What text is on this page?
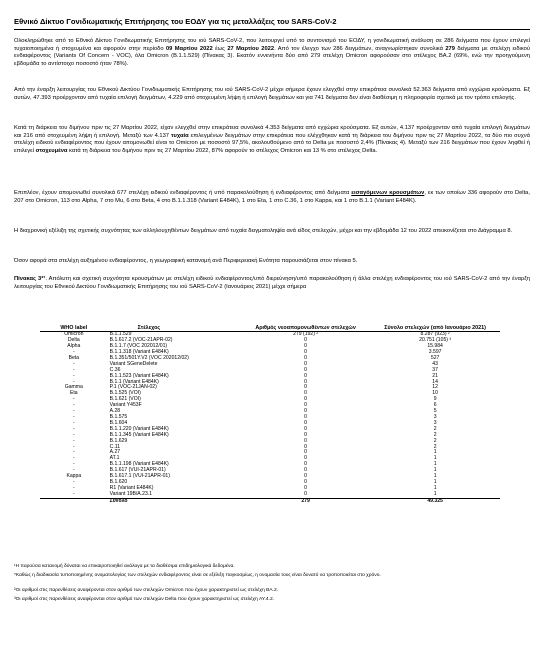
Εθνικό Δίκτυο Γονιδιωματικής Επιτήρησης του ΕΟΔΥ για τις μεταλλάξεις του SARS-CoV-2

Ολοκληρώθηκε από το Εθνικό Δίκτυο Γονιδιωματικής Επιτήρησης του ιού SARS-CoV-2, που λειτουργεί υπό το συντονισμό του ΕΟΔΥ, η γονιδιωματική ανάλυση σε 286 δείγματα που έχουν επιλεγεί τυχαιοποιημένα ή στοχευμένα και αφορούν στην περίοδο 09 Μαρτίου 2022 έως 27 Μαρτίου 2022. Από τον έλεγχο των 286 δειγμάτων, αναγνωρίστηκαν συνολικά 279 δείγματα με στελέχη ειδικού ενδιαφέροντος (Variants Of Concern - VOC), όλα Omicron (B.1.1.529) (Πίνακας 3). Εκατόν εννενήντα δύο από 279 στελέχη Omicron αφορούσαν στο στέλεχος BA.2 (69%, ενώ την προηγούμενη εβδομάδα το αντίστοιχο ποσοστό ήταν 78%).

Από την έναρξη λειτουργίας του Εθνικού Δικτύου Γονιδιωματικής Επιτήρησης του ιού SARS-CoV-2 μέχρι σήμερα έχουν ελεγχθεί στην επικράτεια συνολικά 52.363 δείγματα από εγχώρια κρούσματα. Εξ αυτών, 47.393 προέρχονταν από τυχαία επιλογή δειγμάτων, 4.229 από στοχευμένη λήψη ή επιλογή δειγμάτων και για 741 δείγματα δεν είναι διαθέσιμη η πληροφορία σχετικά με τον τρόπο επιλογής.

Κατά τη διάρκεια του διμήνου πριν τις 27 Μαρτίου 2022, είχαν ελεγχθεί στην επικράτεια συνολικά 4.353 δείγματα από εγχώρια κρούσματα. Εξ αυτών, 4.137 προέρχονταν από τυχαία επιλογή δειγμάτων και 216 από στοχευμένη λήψη ή επιλογή. Μεταξύ των 4.137 τυχαία επιλεγμένων δειγμάτων στην επικράτεια που ελέγχθηκαν κατά τη διάρκεια του διμήνου πριν τις 27 Μαρτίου 2022, τα δύο πιο συχνά στελέχη ειδικού ενδιαφέροντος που έχουν απομονωθεί είναι το Omicron με ποσοστό 97,5%, ακολουθούμενο από το Delta με ποσοστό 2,4% (Πίνακας 4). Μεταξύ των 216 δειγμάτων που έχουν ληφθεί ή επιλεγεί στοχευμένα κατά τη διάρκεια του διμήνου πριν τις 27 Μαρτίου 2022, 87% αφορούν το στέλεχος Omicron και 13 % στο στέλεχος Delta.

Επιπλέον, έχουν απομονωθεί συνολικά 677 στελέχη ειδικού ενδιαφέροντος ή υπό παρακολούθηση ή ενδιαφέροντος από δείγματα εισαγόμενων κρουσμάτων, εκ των οποίων 336 αφορούν στο Delta, 207 στο Omicron, 113 στο Alpha, 7 στο Mu, 6 στο Beta, 4 στο B.1.1.318 (Variant E484K), 1 στο Eta, 1 στο C.36, 1 στο Kappa, και 1 στο B.1.1 (Variant E484K).

Η διαχρονική εξέλιξη της σχετικής συχνότητας των αλληλουχηθέντων δειγμάτων από τυχαία δειγματοληψία ανά είδος στελεχών, μέχρι και την εβδομάδα 12 του 2022 απεικονίζεται στο Διάγραμμα 8.

Όσον αφορά στα στελέχη αυξημένου ενδιαφέροντος, η γεωγραφική κατανομή ανά Περιφερειακή Ενότητα παρουσιάζεται στον πίνακα 5.

Πίνακας 3*¹. Απόλυτη και σχετική συχνότητα κρουσμάτων με στελέχη ειδικού ενδιαφέροντος/υπό διερεύνηση/υπό παρακολούθηση ή άλλα στελέχη ενδιαφέροντος του ιού SARS-CoV-2 από την έναρξη λειτουργίας του Εθνικού Δικτύου Γονιδιωματικής Επιτήρησης του ιού SARS-CoV-2 (Ιανουάριος 2021) μέχρι σήμερα

WHO label	Στέλεχος	Αριθμός νεοαπομονωθέντων στελεχών	Σύνολο στελεχών (από Ιανουάριο 2021)
Omicron	B.1.1.529	279 (192) ²	8.287 (923) ²
Delta	B.1.617.2 (VOC-21APR-02)	0	20.751 (105) ³
Alpha	B.1.1.7 (VOC 202012/01)	0	15.984
-	B.1.1.318 (Variant E484K)	0	3.597
Beta	B.1.351/501Y.V2 (VOC 202012/02)	0	527
-	Variant SGeneDelete	0	43
-	C.36	0	37
-	B.1.1.523 (Variant E484K)	0	21
-	B.1.1 (Variant E484K)	0	14
Gamma	P.1 (VOC-21JAN-02)	0	12
Eta	B.1.525 (VOI)	0	10
-	B.1.621 (VOI)	0	9
-	Variant Y453F	0	6
-	A.28	0	5
-	B.1.575	0	3
-	B.1.604	0	3
-	B.1.1.220 (Variant E484K)	0	2
-	B.1.1.345 (Variant E484K)	0	2
-	B.1.629	0	2
-	C.11	0	2
-	A.27	0	1
-	AT.1	0	1
-	B.1.1.198 (Variant E484K)	0	1
-	B.1.617 (VUI-21APR-01)	0	1
Kappa	B.1.617.1 (VUI-21APR-01)	0	1
-	B.1.620	0	1
-	R1 (Variant E484K)	0	1
-	Variant 19B/A.23.1	0	1
	Σύνολο	279	49.325

¹Η παρούσα κατανομή δύναται να επικαιροποιηθεί ανάλογα με τα διαθέσιμα επιδημιολογικά δεδομένα.

*Καθώς η διαδικασία τυποποιημένης ονοματολογίας των στελεχών ενδιαφέροντος είναι σε εξέλιξη παγκοσμίως, η ονομασία τους είναι δυνατό να τροποποιείται στο χρόνο.

²Οι αριθμοί στις παρενθέσεις αναφέρονται στον αριθμό των στελεχών Omicron που έχουν χαρακτηριστεί ως στελέχη BA.2.

³Οι αριθμοί στις παρενθέσεις αναφέρονται στον αριθμό των στελεχών Delta που έχουν χαρακτηριστεί ως στελέχη AY.4.2.
